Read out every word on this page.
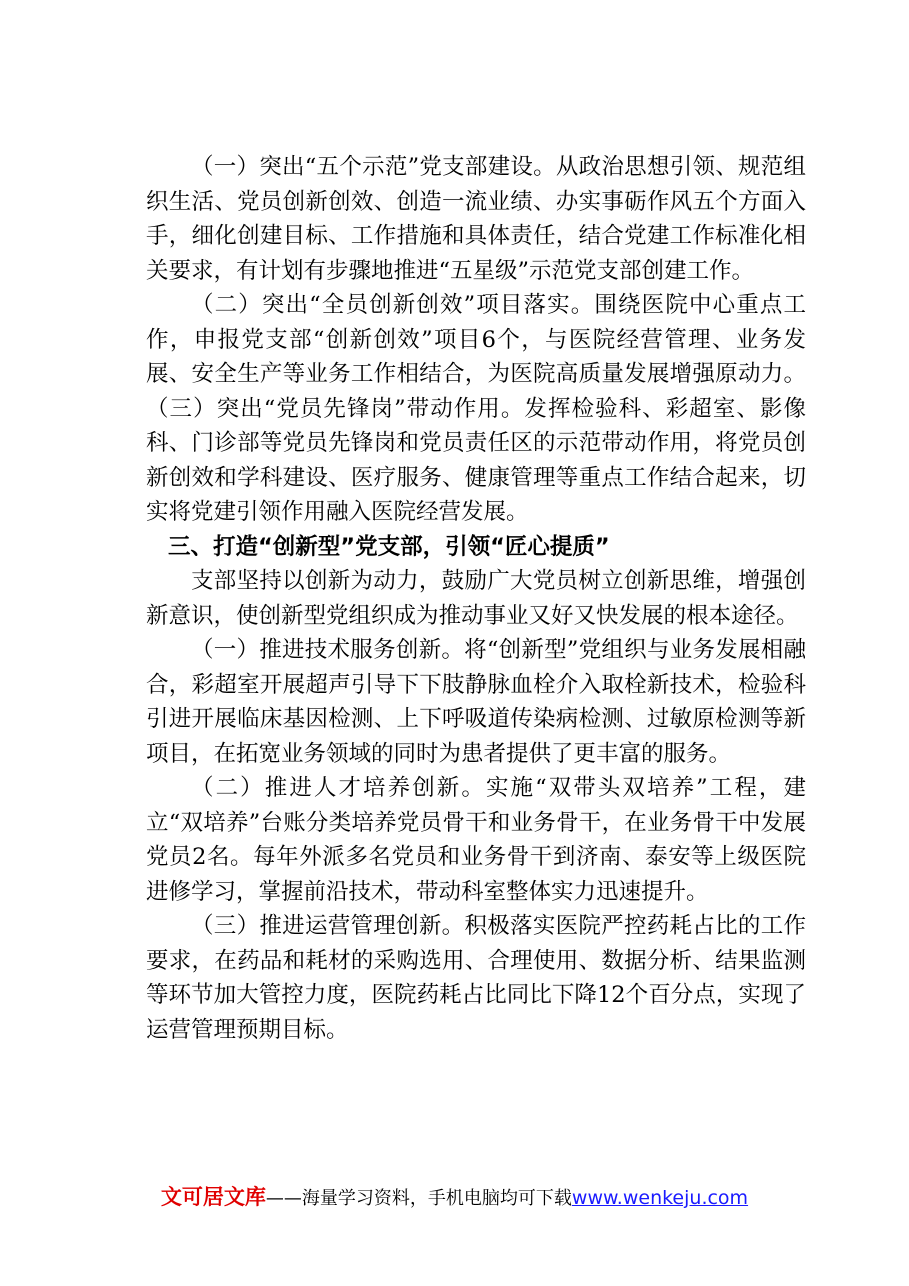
（一）突出“五个示范”党支部建设。从政治思想引领、规范组织生活、党员创新创效、创造一流业绩、办实事砺作风五个方面入手，细化创建目标、工作措施和具体责任，结合党建工作标准化相关要求，有计划有步骤地推进“五星级”示范党支部创建工作。

（二）突出“全员创新创效”项目落实。围绕医院中心重点工作，申报党支部“创新创效”项目6个，与医院经营管理、业务发展、安全生产等业务工作相结合，为医院高质量发展增强原动力。（三）突出“党员先锋岗”带动作用。发挥检验科、彩超室、影像科、门诊部等党员先锋岗和党员责任区的示范带动作用，将党员创新创效和学科建设、医疗服务、健康管理等重点工作结合起来，切实将党建引领作用融入医院经营发展。

三、打造“创新型”党支部，引领“匠心提质”

支部坚持以创新为动力，鼓励广大党员树立创新思维，增强创新意识，使创新型党组织成为推动事业又好又快发展的根本途径。

（一）推进技术服务创新。将“创新型”党组织与业务发展相融合，彩超室开展超声引导下下肢静脉血栓介入取栓新技术，检验科引进开展临床基因检测、上下呼吸道传染病检测、过敏原检测等新项目，在拓宽业务领域的同时为患者提供了更丰富的服务。

（二）推进人才培养创新。实施“双带头双培养”工程，建立“双培养”台账分类培养党员骨干和业务骨干，在业务骨干中发展党员2名。每年外派多名党员和业务骨干到济南、泰安等上级医院进修学习，掌握前沿技术，带动科室整体实力迅速提升。

（三）推进运营管理创新。积极落实医院严控药耗占比的工作要求，在药品和耗材的采购选用、合理使用、数据分析、结果监测等环节加大管控力度，医院药耗占比同比下降12个百分点，实现了运营管理预期目标。

文可居文库——海量学习资料，手机电脑均可下载www.wenkeju.com
